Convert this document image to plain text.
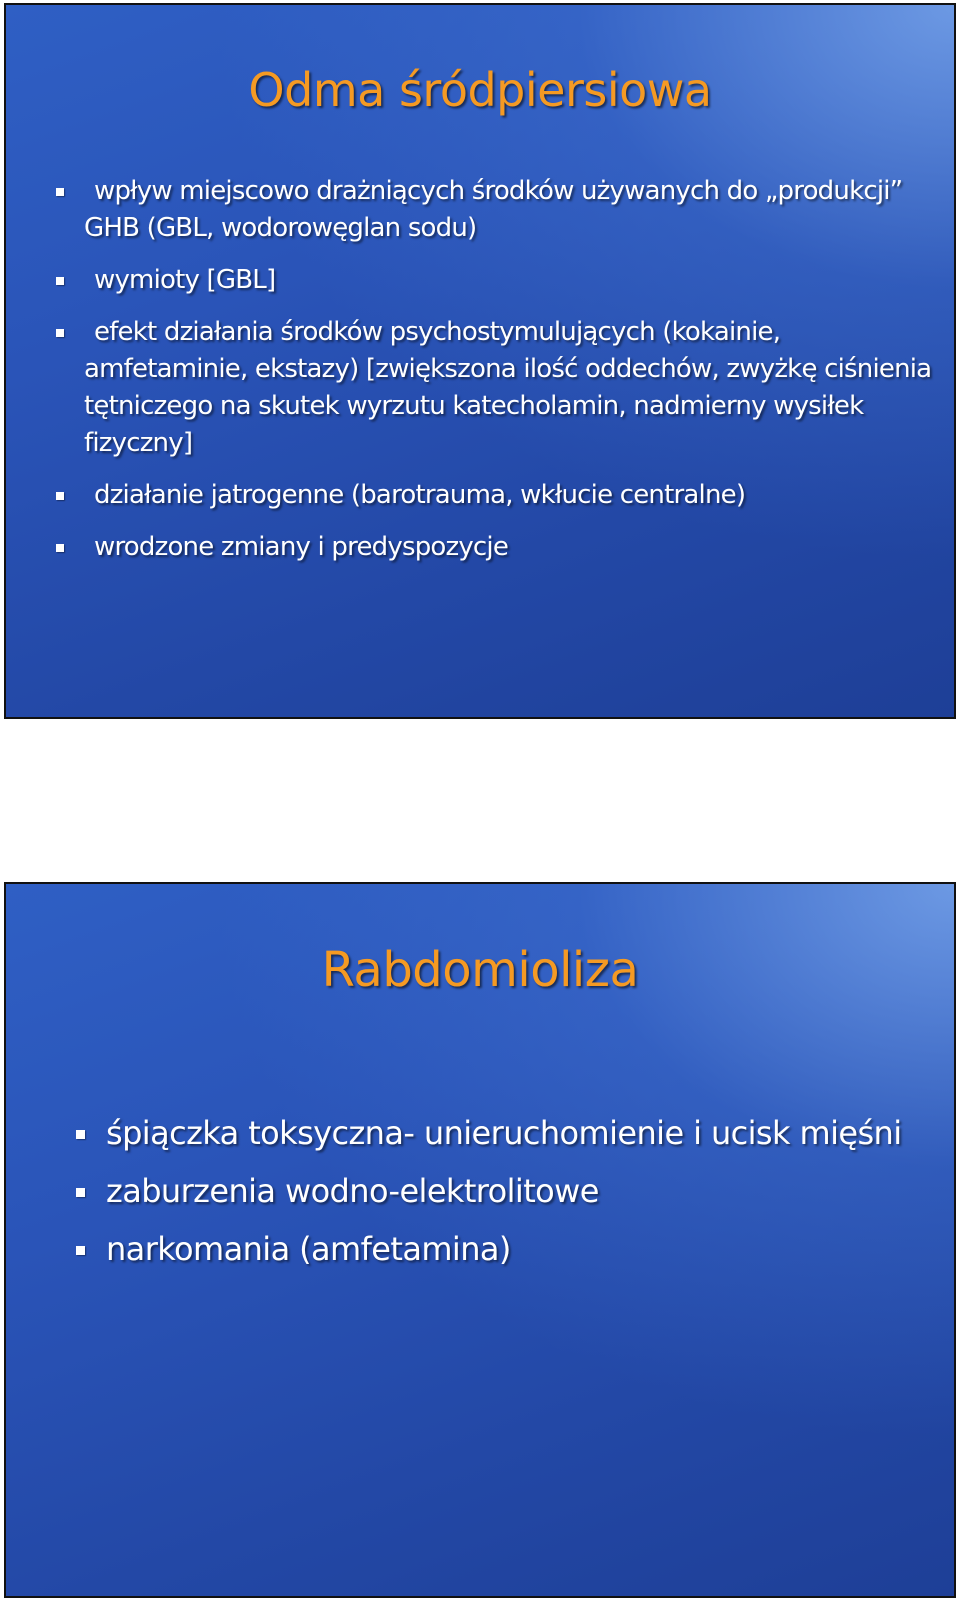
Odma śródpiersiowa
wpływ miejscowo drażniących środków używanych do „produkcji” GHB (GBL, wodorowęglan sodu)
wymioty [GBL]
efekt działania środków psychostymulujących (kokainie, amfetaminie, ekstazy) [zwiększona ilość oddechów, zwyżkę ciśnienia tętniczego na skutek wyrzutu katecholamin, nadmierny wysiłek fizyczny]
działanie jatrogenne (barotrauma, wkłucie centralne)
wrodzone zmiany i predyspozycje
Rabdomioliza
śpiączka toksyczna- unieruchomienie i ucisk mięśni
zaburzenia wodno-elektrolitowe
narkomania (amfetamina)
